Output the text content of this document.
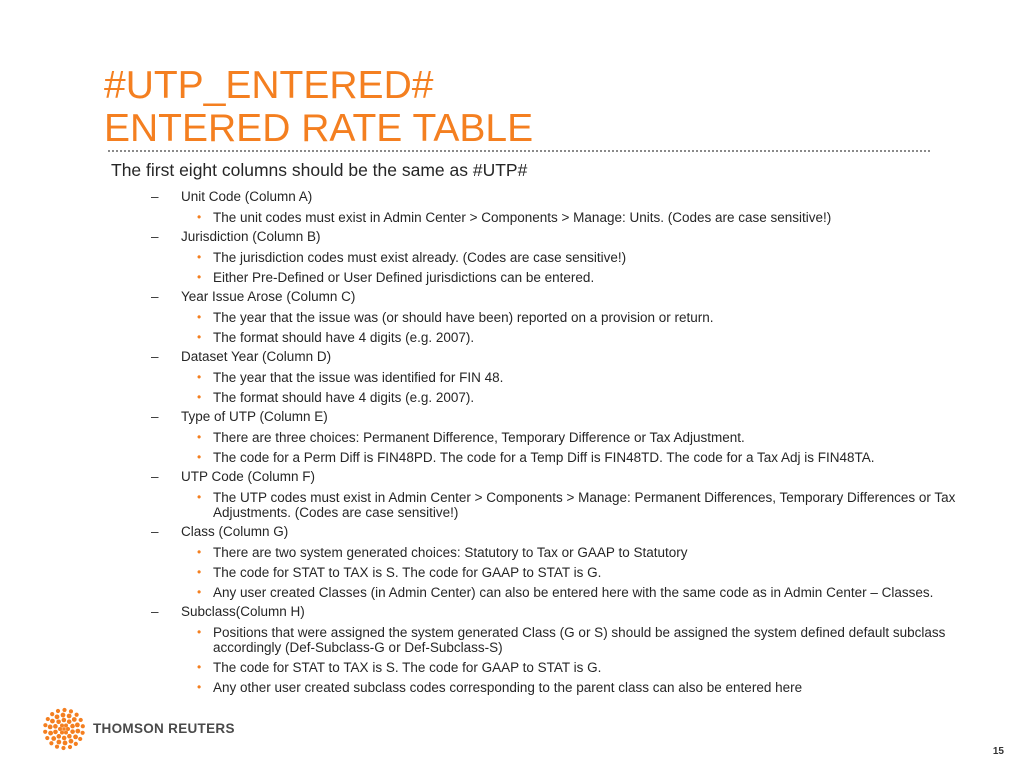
#UTP_ENTERED#
ENTERED RATE TABLE
The first eight columns should be the same as #UTP#
– Unit Code (Column A)
• The unit codes must exist in Admin Center > Components > Manage: Units. (Codes are case sensitive!)
– Jurisdiction (Column B)
• The jurisdiction codes must exist already. (Codes are case sensitive!)
• Either Pre-Defined or User Defined jurisdictions can be entered.
– Year Issue Arose (Column C)
• The year that the issue was (or should have been) reported on a provision or return.
• The format should have 4 digits (e.g. 2007).
– Dataset Year (Column D)
• The year that the issue was identified for FIN 48.
• The format should have 4 digits (e.g. 2007).
– Type of UTP (Column E)
• There are three choices: Permanent Difference, Temporary Difference or Tax Adjustment.
• The code for a Perm Diff is FIN48PD. The code for a Temp Diff is FIN48TD. The code for a Tax Adj is FIN48TA.
– UTP Code (Column F)
• The UTP codes must exist in Admin Center > Components > Manage: Permanent Differences, Temporary Differences or Tax Adjustments. (Codes are case sensitive!)
– Class (Column G)
• There are two system generated choices: Statutory to Tax or GAAP to Statutory
• The code for STAT to TAX is S. The code for GAAP to STAT is G.
• Any user created Classes (in Admin Center) can also be entered here with the same code as in Admin Center – Classes.
– Subclass(Column H)
• Positions that were assigned the system generated Class (G or S) should be assigned the system defined default subclass accordingly (Def-Subclass-G or Def-Subclass-S)
• The code for STAT to TAX is S. The code for GAAP to STAT is G.
• Any other user created subclass codes corresponding to the parent class can also be entered here
THOMSON REUTERS
15
